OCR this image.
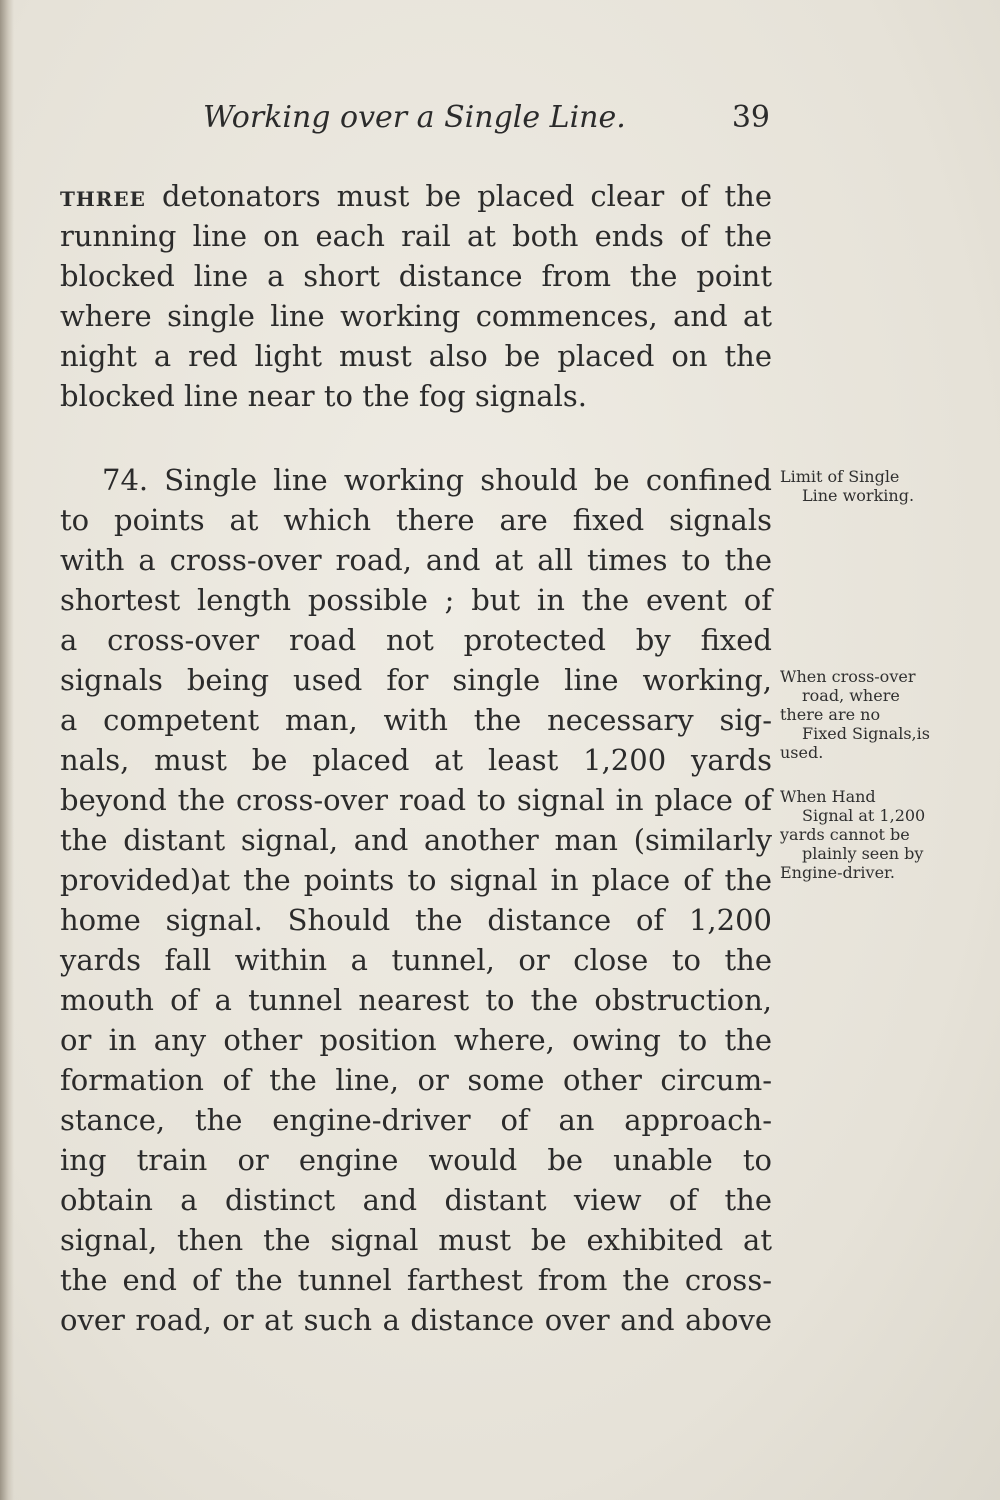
Working over a Single Line.	39
THREE detonators must be placed clear of the
running line on each rail at both ends of the
blocked line a short distance from the point
where single line working commences, and at
night a red light must also be placed on the
blocked line near to the fog signals.
74. Single line working should be confined
to points at which there are fixed signals
with a cross-over road, and at all times to the
shortest length possible ; but in the event of
a cross-over road not protected by fixed
signals being used for single line working,
a competent man, with the necessary sig-
nals, must be placed at least 1,200 yards
beyond the cross-over road to signal in place of
the distant signal, and another man (similarly
provided)at the points to signal in place of the
home signal. Should the distance of 1,200
yards fall within a tunnel, or close to the
mouth of a tunnel nearest to the obstruction,
or in any other position where, owing to the
formation of the line, or some other circum-
stance, the engine-driver of an approach-
ing train or engine would be unable to
obtain a distinct and distant view of the
signal, then the signal must be exhibited at
the end of the tunnel farthest from the cross-
over road, or at such a distance over and above
Limit of Single
Line working.
When cross-over
road, where
there are no
Fixed Signals,is
used.
When Hand
Signal at 1,200
yards cannot be
plainly seen by
Engine-driver.
